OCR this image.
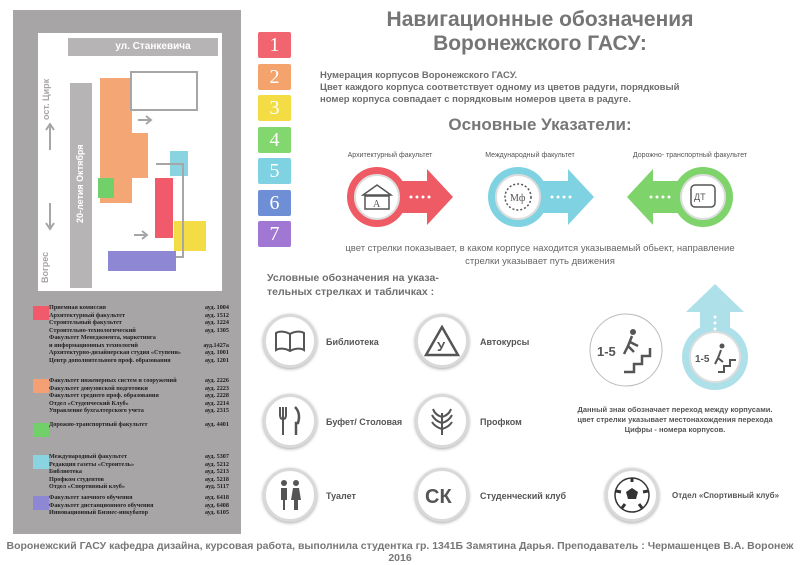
ул. Станкевича
20-летия Октября
ост. Цирк
Вогрес
Приемная комиссия	ауд. 1004
Архитектурный факультет	ауд. 1512
Строительный факультет	ауд. 1224
Строительно-технологический	ауд. 1305
Факультет Менеджмента, маркетинга
и информационных технологий	ауд.1427а
Архитектурно-дизайнерская студия «Ступени»	ауд. 1001
Центр дополнительного проф. образования	ауд. 1201
Факультет инженерных систем и сооружений	ауд. 2226
Факультет довузовской подготовки	ауд. 2223
Факультет среднего проф. образования	ауд. 2228
Отдел «Студенческий Клуб»	ауд. 2214
Управление бухгалтерского учета	ауд. 2315
Дорожно-транспортный факультет	ауд. 4401
Международный факультет	ауд. 5307
Редакция газеты «Строитель»	ауд. 5212
Библиотека	ауд. 5213
Профком студентов	ауд. 5218
Отдел «Спортивный клуб»	ауд. 5117
Факультет заочного обучения	ауд. 6418
Факультет дистанционного обучения	ауд. 6408
Инновационный Бизнес-инкубатор	ауд. 6105
1
2
3
4
5
6
7
Навигационные обозначения
Воронежского ГАСУ:
Нумерация корпусов Воронежского ГАСУ.
Цвет каждого корпуса соответствует одному из цветов радуги, порядковый
номер корпуса совпадает с порядковым номеров цвета в радуге.
Основные Указатели:
Архитектурный факультет	Международный факультет	Дорожно- транспортный факультет
А
Мф	ДТ
цвет стрелки показывает, в каком корпусе находится указываемый обьект, направление
стрелки указывает путь движения
Условные обозначения на указа-
тельных стрелках и табличках :
Библиотека	У	Автокурсы
Буфет/ Столовая	Профком
Туалет	СК	Студенческий клуб	Отдел «Спортивный клуб»
1-5
1-5
Данный знак обозначает переход между корпусами.
цвет стрелки указывает местонахождения перехода
Цифры - номера корпусов.
Воронежский ГАСУ кафедра дизайна, курсовая работа, выполнила студентка гр. 1341Б Замятина Дарья. Преподаватель : Чермашенцев В.А. Воронеж 2016
